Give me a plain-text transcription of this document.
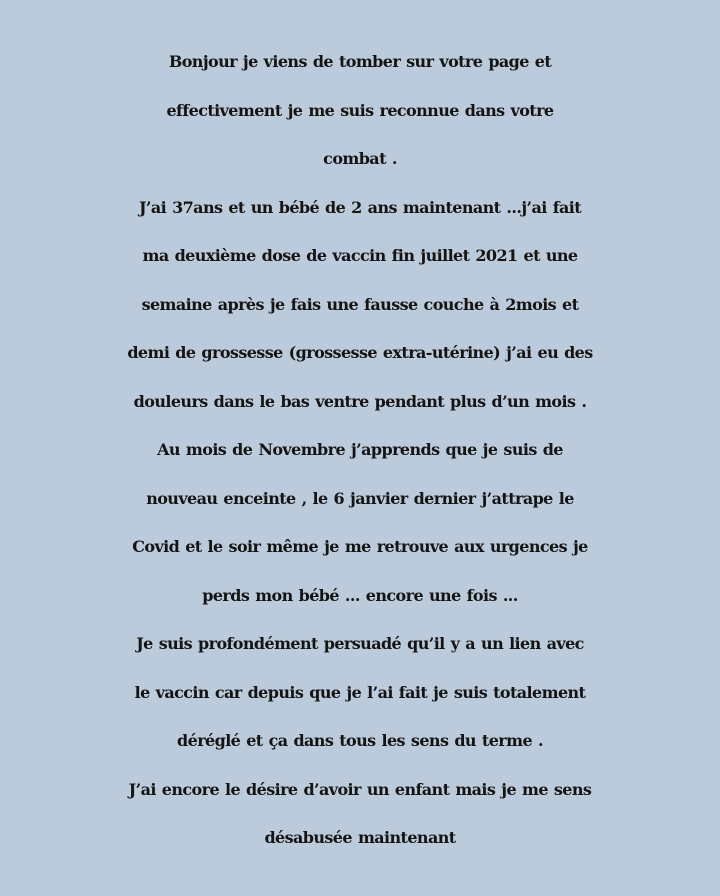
Bonjour je viens de tomber sur votre page et
effectivement je me suis reconnue dans votre
combat .
J’ai 37ans et un bébé de 2 ans maintenant ...j’ai fait
ma deuxième dose de vaccin fin juillet 2021 et une
semaine après je fais une fausse couche à 2mois et
demi de grossesse (grossesse extra-utérine) j’ai eu des
douleurs dans le bas ventre pendant plus d’un mois .
Au mois de Novembre j’apprends que je suis de
nouveau enceinte , le 6 janvier dernier j’attrape le
Covid et le soir même je me retrouve aux urgences je
perds mon bébé ... encore une fois ...
Je suis profondément persuadé qu’il y a un lien avec
le vaccin car depuis que je l’ai fait je suis totalement
déréglé et ça dans tous les sens du terme .
J’ai encore le désire d’avoir un enfant mais je me sens
désabusée maintenant
